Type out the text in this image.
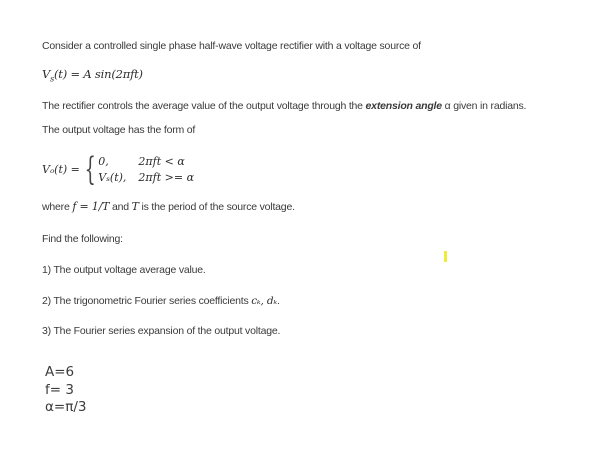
Consider a controlled single phase half-wave voltage rectifier with a voltage source of
$V_s(t) = A$ sin(2πft)
The rectifier controls the average value of the output voltage through the extension angle α given in radians.
The output voltage has the form of
Vₒ(t) = { 0,	2πft < α
Vₛ(t), 2πft >= α
where f = 1/T and T is the period of the source voltage.
Find the following:
1) The output voltage average value.
2) The trigonometric Fourier series coefficients cₖ, dₖ.
3) The Fourier series expansion of the output voltage.
A=6
f= 3
α=π/3
